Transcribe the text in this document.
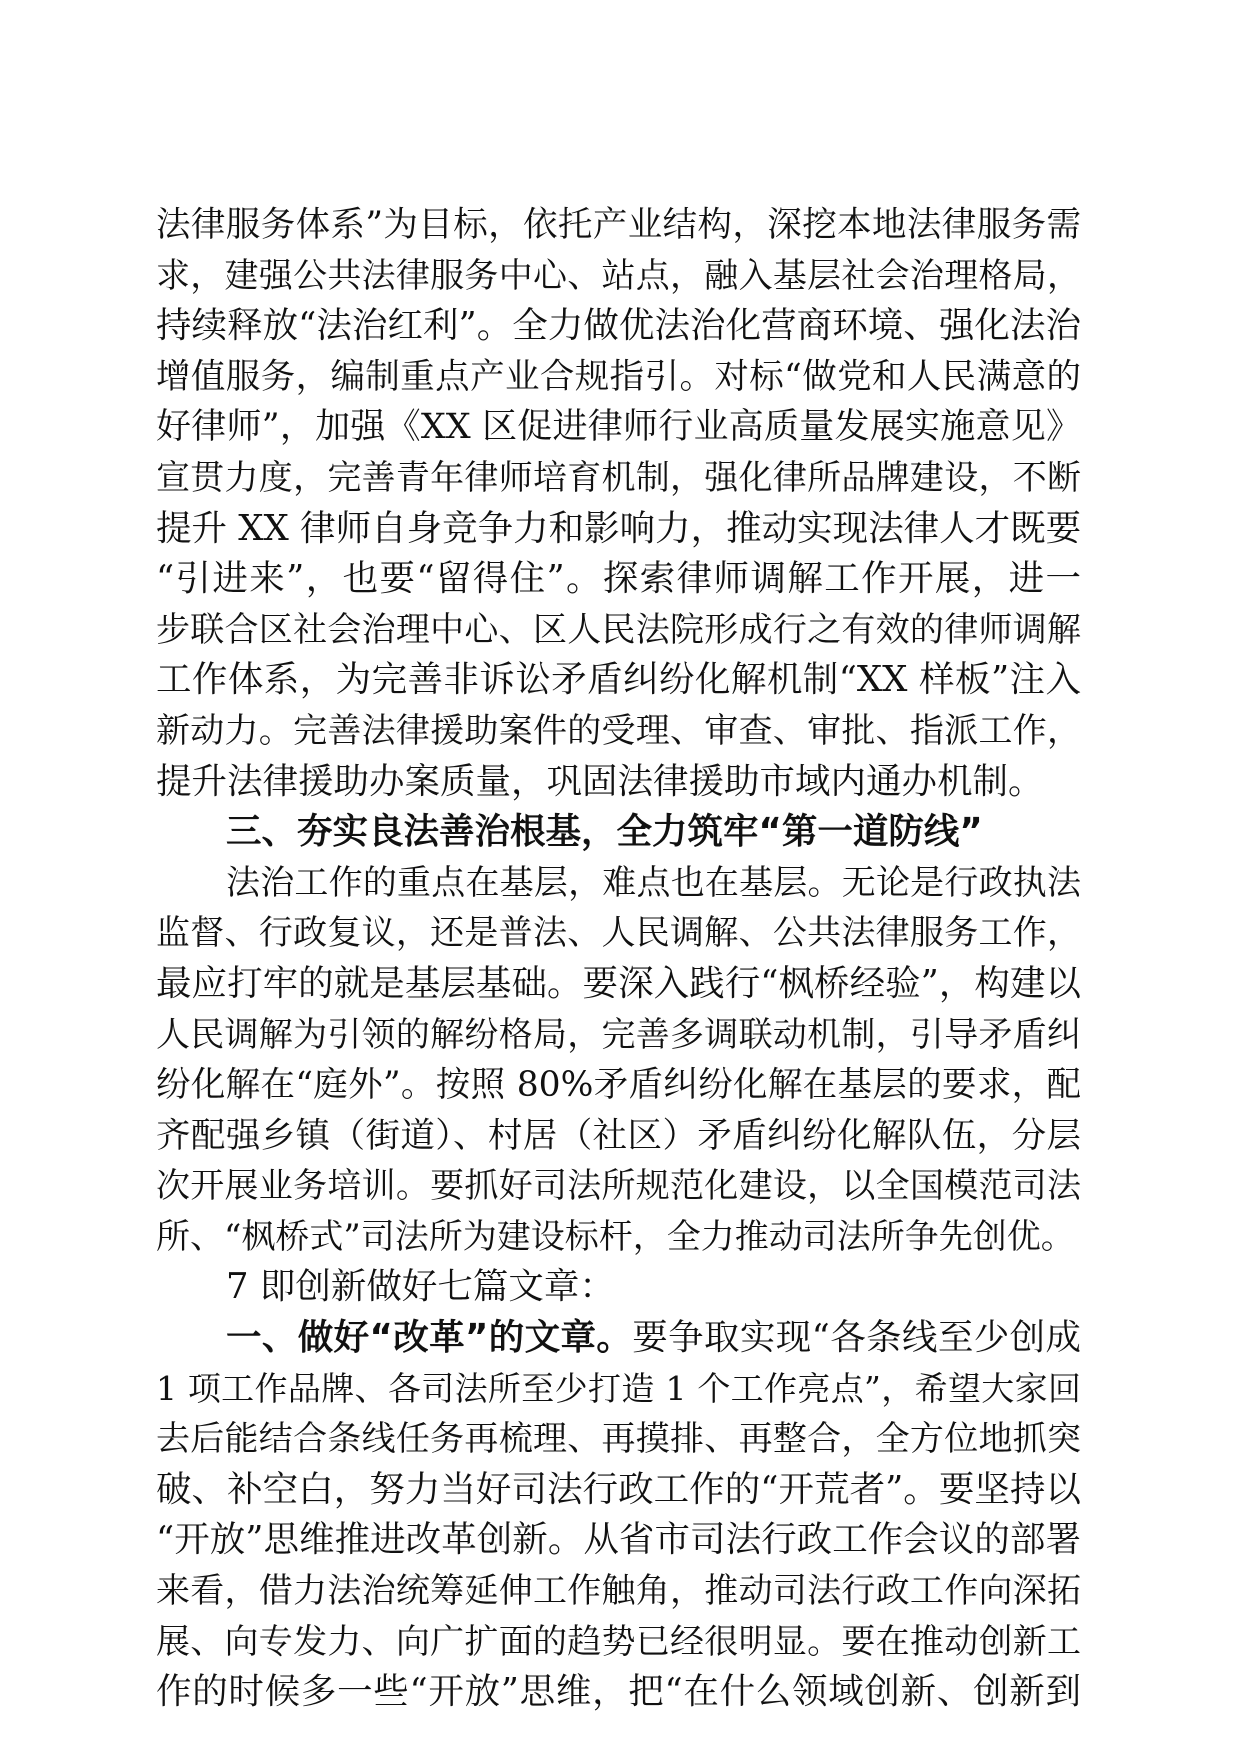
法律服务体系”为目标，依托产业结构，深挖本地法律服务需
求，建强公共法律服务中心、站点，融入基层社会治理格局，
持续释放“法治红利”。全力做优法治化营商环境、强化法治
增值服务，编制重点产业合规指引。对标“做党和人民满意的
好律师”，加强《XX 区促进律师行业高质量发展实施意见》
宣贯力度，完善青年律师培育机制，强化律所品牌建设，不断
提升 XX 律师自身竞争力和影响力，推动实现法律人才既要
“引进来”，也要“留得住”。探索律师调解工作开展，进一
步联合区社会治理中心、区人民法院形成行之有效的律师调解
工作体系，为完善非诉讼矛盾纠纷化解机制“XX 样板”注入
新动力。完善法律援助案件的受理、审查、审批、指派工作，
提升法律援助办案质量，巩固法律援助市域内通办机制。
三、夯实良法善治根基，全力筑牢“第一道防线”
法治工作的重点在基层，难点也在基层。无论是行政执法
监督、行政复议，还是普法、人民调解、公共法律服务工作，
最应打牢的就是基层基础。要深入践行“枫桥经验”，构建以
人民调解为引领的解纷格局，完善多调联动机制，引导矛盾纠
纷化解在“庭外”。按照 80%矛盾纠纷化解在基层的要求，配
齐配强乡镇（街道）、村居（社区）矛盾纠纷化解队伍，分层
次开展业务培训。要抓好司法所规范化建设，以全国模范司法
所、“枫桥式”司法所为建设标杆，全力推动司法所争先创优。
7 即创新做好七篇文章：
一、做好“改革”的文章。要争取实现“各条线至少创成
1 项工作品牌、各司法所至少打造 1 个工作亮点”，希望大家回
去后能结合条线任务再梳理、再摸排、再整合，全方位地抓突
破、补空白，努力当好司法行政工作的“开荒者”。要坚持以
“开放”思维推进改革创新。从省市司法行政工作会议的部署
来看，借力法治统筹延伸工作触角，推动司法行政工作向深拓
展、向专发力、向广扩面的趋势已经很明显。要在推动创新工
作的时候多一些“开放”思维，把“在什么领域创新、创新到
